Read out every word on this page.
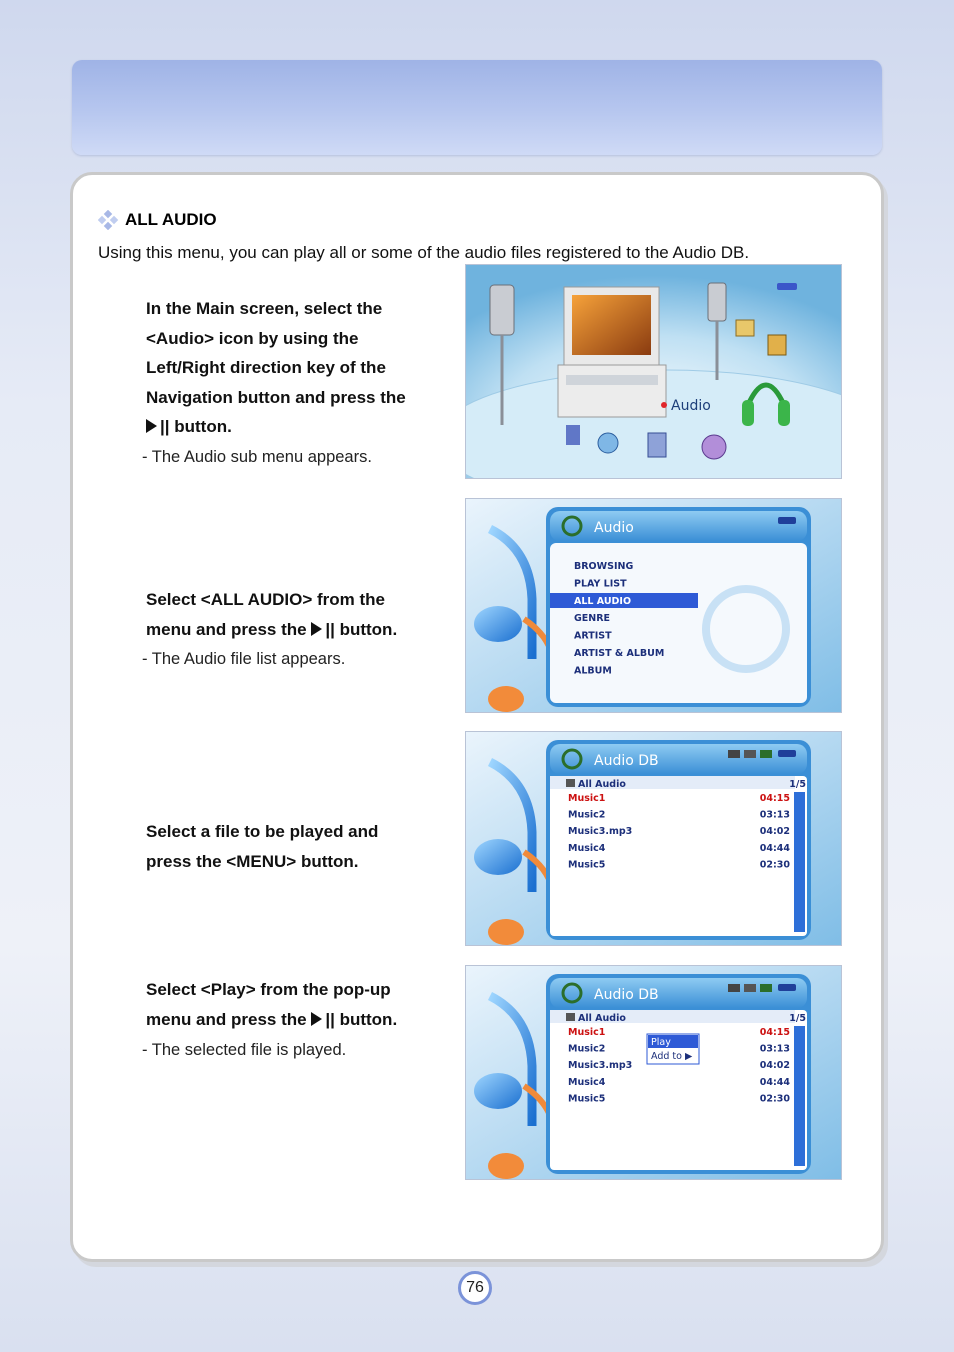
ALL AUDIO
Using this menu, you can play all or some of the audio files registered to the Audio DB.
In the Main screen, select the
<Audio> icon by using the
Left/Right direction key of the
Navigation button and press the
|| button.
- The Audio sub menu appears.
Select <ALL AUDIO> from the
menu and press the || button.
- The Audio file list appears.
Select a file to be played and
press the <MENU> button.
Select <Play> from the pop-up
menu and press the || button.
- The selected file is played.
Audio
Audio
BROWSING
PLAY LIST
ALL AUDIO
GENRE
ARTIST
ARTIST & ALBUM
ALBUM
Audio DB
All Audio	1/5
Music1	04:15
Music2	03:13
Music3.mp3	04:02
Music4	04:44
Music5	02:30
Audio DB
All Audio	1/5
Music1	04:15
Music2	03:13
Music3.mp3	04:02
Music4	04:44
Music5	02:30
Play
Add to ▶
76
